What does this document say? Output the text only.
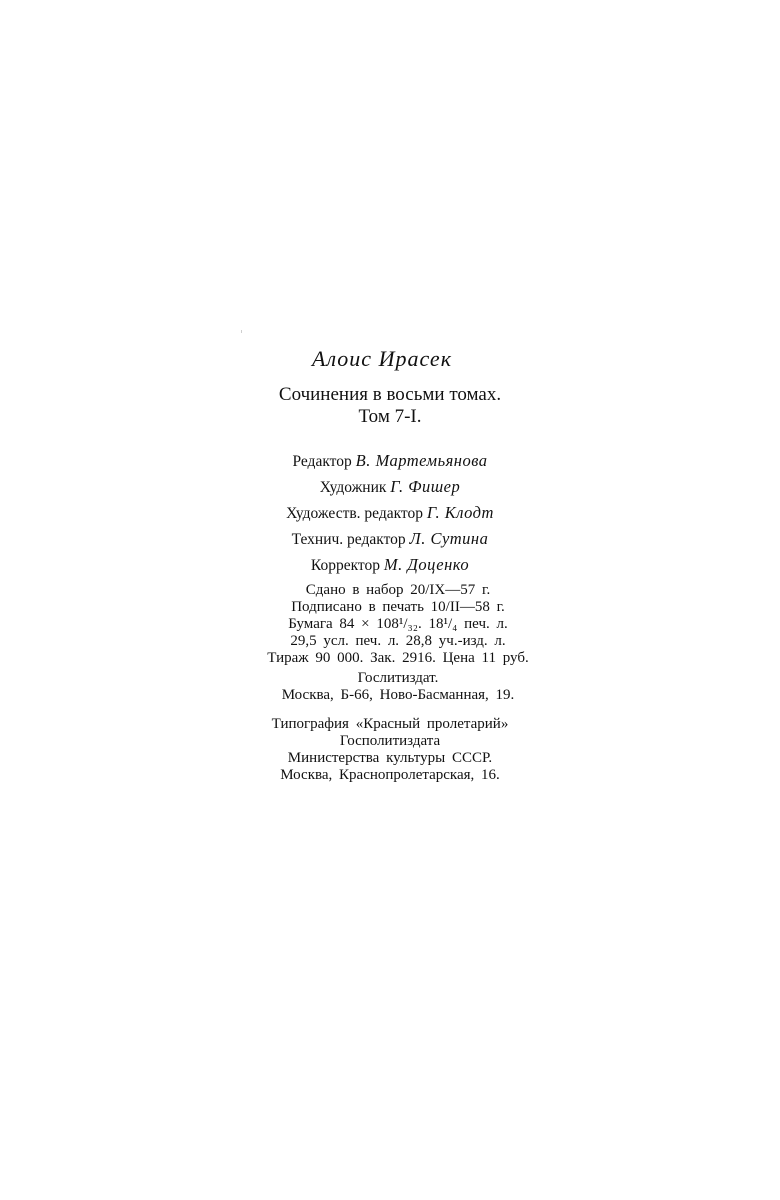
Алоис Ирасек
Сочинения в восьми томах.
Том 7-I.
Редактор В. Мартемьянова
Художник Г. Фишер
Художеств. редактор Г. Клодт
Технич. редактор Л. Сутина
Корректор М. Доценко
Сдано в набор 20/IX—57 г.
Подписано в печать 10/II—58 г.
Бумага 84 × 108¹/₃₂. 18¹/₄ печ. л.
29,5 усл. печ. л. 28,8 уч.-изд. л.
Тираж 90 000. Зак. 2916. Цена 11 руб.
Гослитиздат.
Москва, Б-66, Ново-Басманная, 19.
Типография «Красный пролетарий»
Госполитиздата
Министерства культуры СССР.
Москва, Краснопролетарская, 16.
